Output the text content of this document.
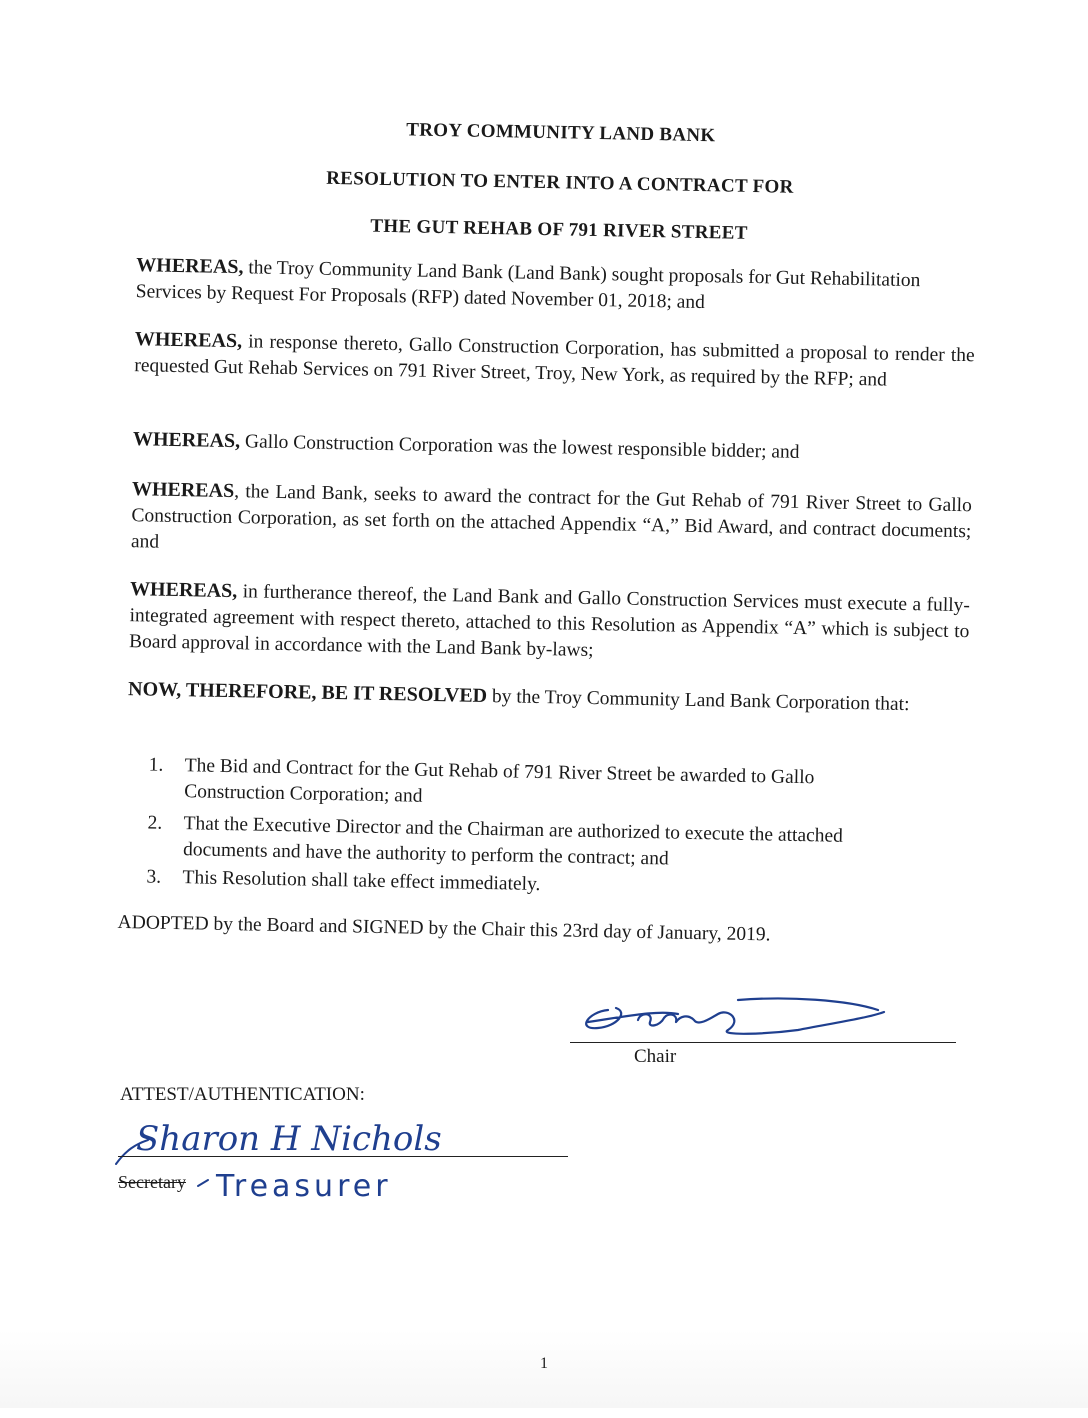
TROY COMMUNITY LAND BANK
RESOLUTION TO ENTER INTO A CONTRACT FOR
THE GUT REHAB OF 791 RIVER STREET
WHEREAS, the Troy Community Land Bank (Land Bank) sought proposals for Gut Rehabilitation Services by Request For Proposals (RFP) dated November 01, 2018; and
WHEREAS, in response thereto, Gallo Construction Corporation, has submitted a proposal to render the requested Gut Rehab Services on 791 River Street, Troy, New York, as required by the RFP; and
WHEREAS, Gallo Construction Corporation was the lowest responsible bidder; and
WHEREAS, the Land Bank, seeks to award the contract for the Gut Rehab of 791 River Street to Gallo Construction Corporation, as set forth on the attached Appendix “A,” Bid Award, and contract documents; and
WHEREAS, in furtherance thereof, the Land Bank and Gallo Construction Services must execute a fully-integrated agreement with respect thereto, attached to this Resolution as Appendix “A” which is subject to Board approval in accordance with the Land Bank by-laws;
NOW, THEREFORE, BE IT RESOLVED by the Troy Community Land Bank Corporation that:
1.	The Bid and Contract for the Gut Rehab of 791 River Street be awarded to Gallo Construction Corporation; and
2.	That the Executive Director and the Chairman are authorized to execute the attached documents and have the authority to perform the contract; and
3.	This Resolution shall take effect immediately.
ADOPTED by the Board and SIGNED by the Chair this 23rd day of January, 2019.
Chair
ATTEST/AUTHENTICATION:
Sharon H Nichols
Secretary Treasurer
1
